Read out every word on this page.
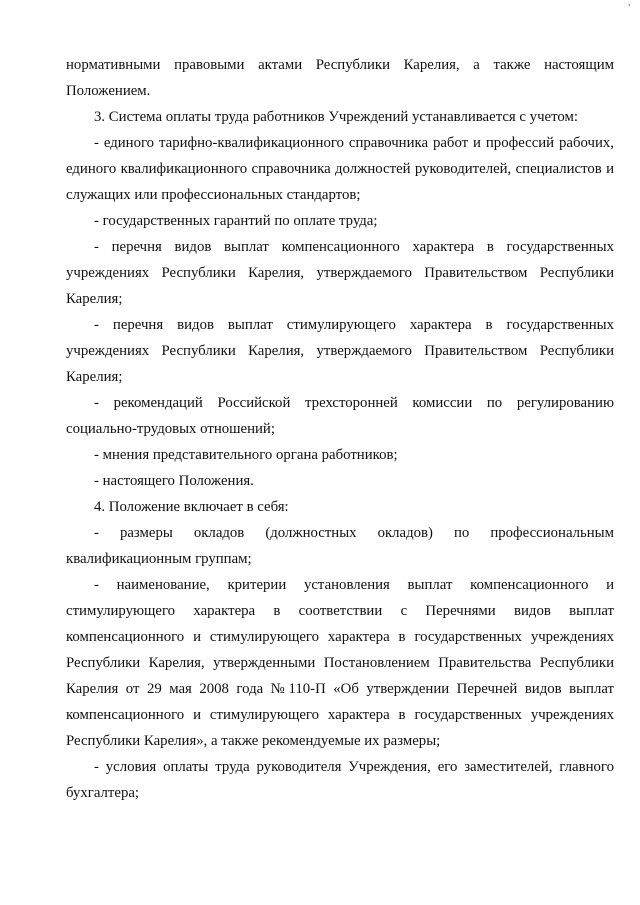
'

нормативными правовыми актами Республики Карелия, а также настоящим Положением.

3. Система оплаты труда работников Учреждений устанавливается с учетом:

- единого тарифно-квалификационного справочника работ и профессий рабочих, единого квалификационного справочника должностей руководителей, специалистов и служащих или профессиональных стандартов;

- государственных гарантий по оплате труда;

- перечня видов выплат компенсационного характера в государственных учреждениях Республики Карелия, утверждаемого Правительством Республики Карелия;

- перечня видов выплат стимулирующего характера в государственных учреждениях Республики Карелия, утверждаемого Правительством Республики Карелия;

- рекомендаций Российской трехсторонней комиссии по регулированию социально-трудовых отношений;

- мнения представительного органа работников;

- настоящего Положения.

4. Положение включает в себя:

- размеры окладов (должностных окладов) по профессиональным квалификационным группам;

- наименование, критерии установления выплат компенсационного и стимулирующего характера в соответствии с Перечнями видов выплат компенсационного и стимулирующего характера в государственных учреждениях Республики Карелия, утвержденными Постановлением Правительства Республики Карелия от 29 мая 2008 года №110-П «Об утверждении Перечней видов выплат компенсационного и стимулирующего характера в государственных учреждениях Республики Карелия», а также рекомендуемые их размеры;

- условия оплаты труда руководителя Учреждения, его заместителей, главного бухгалтера;
